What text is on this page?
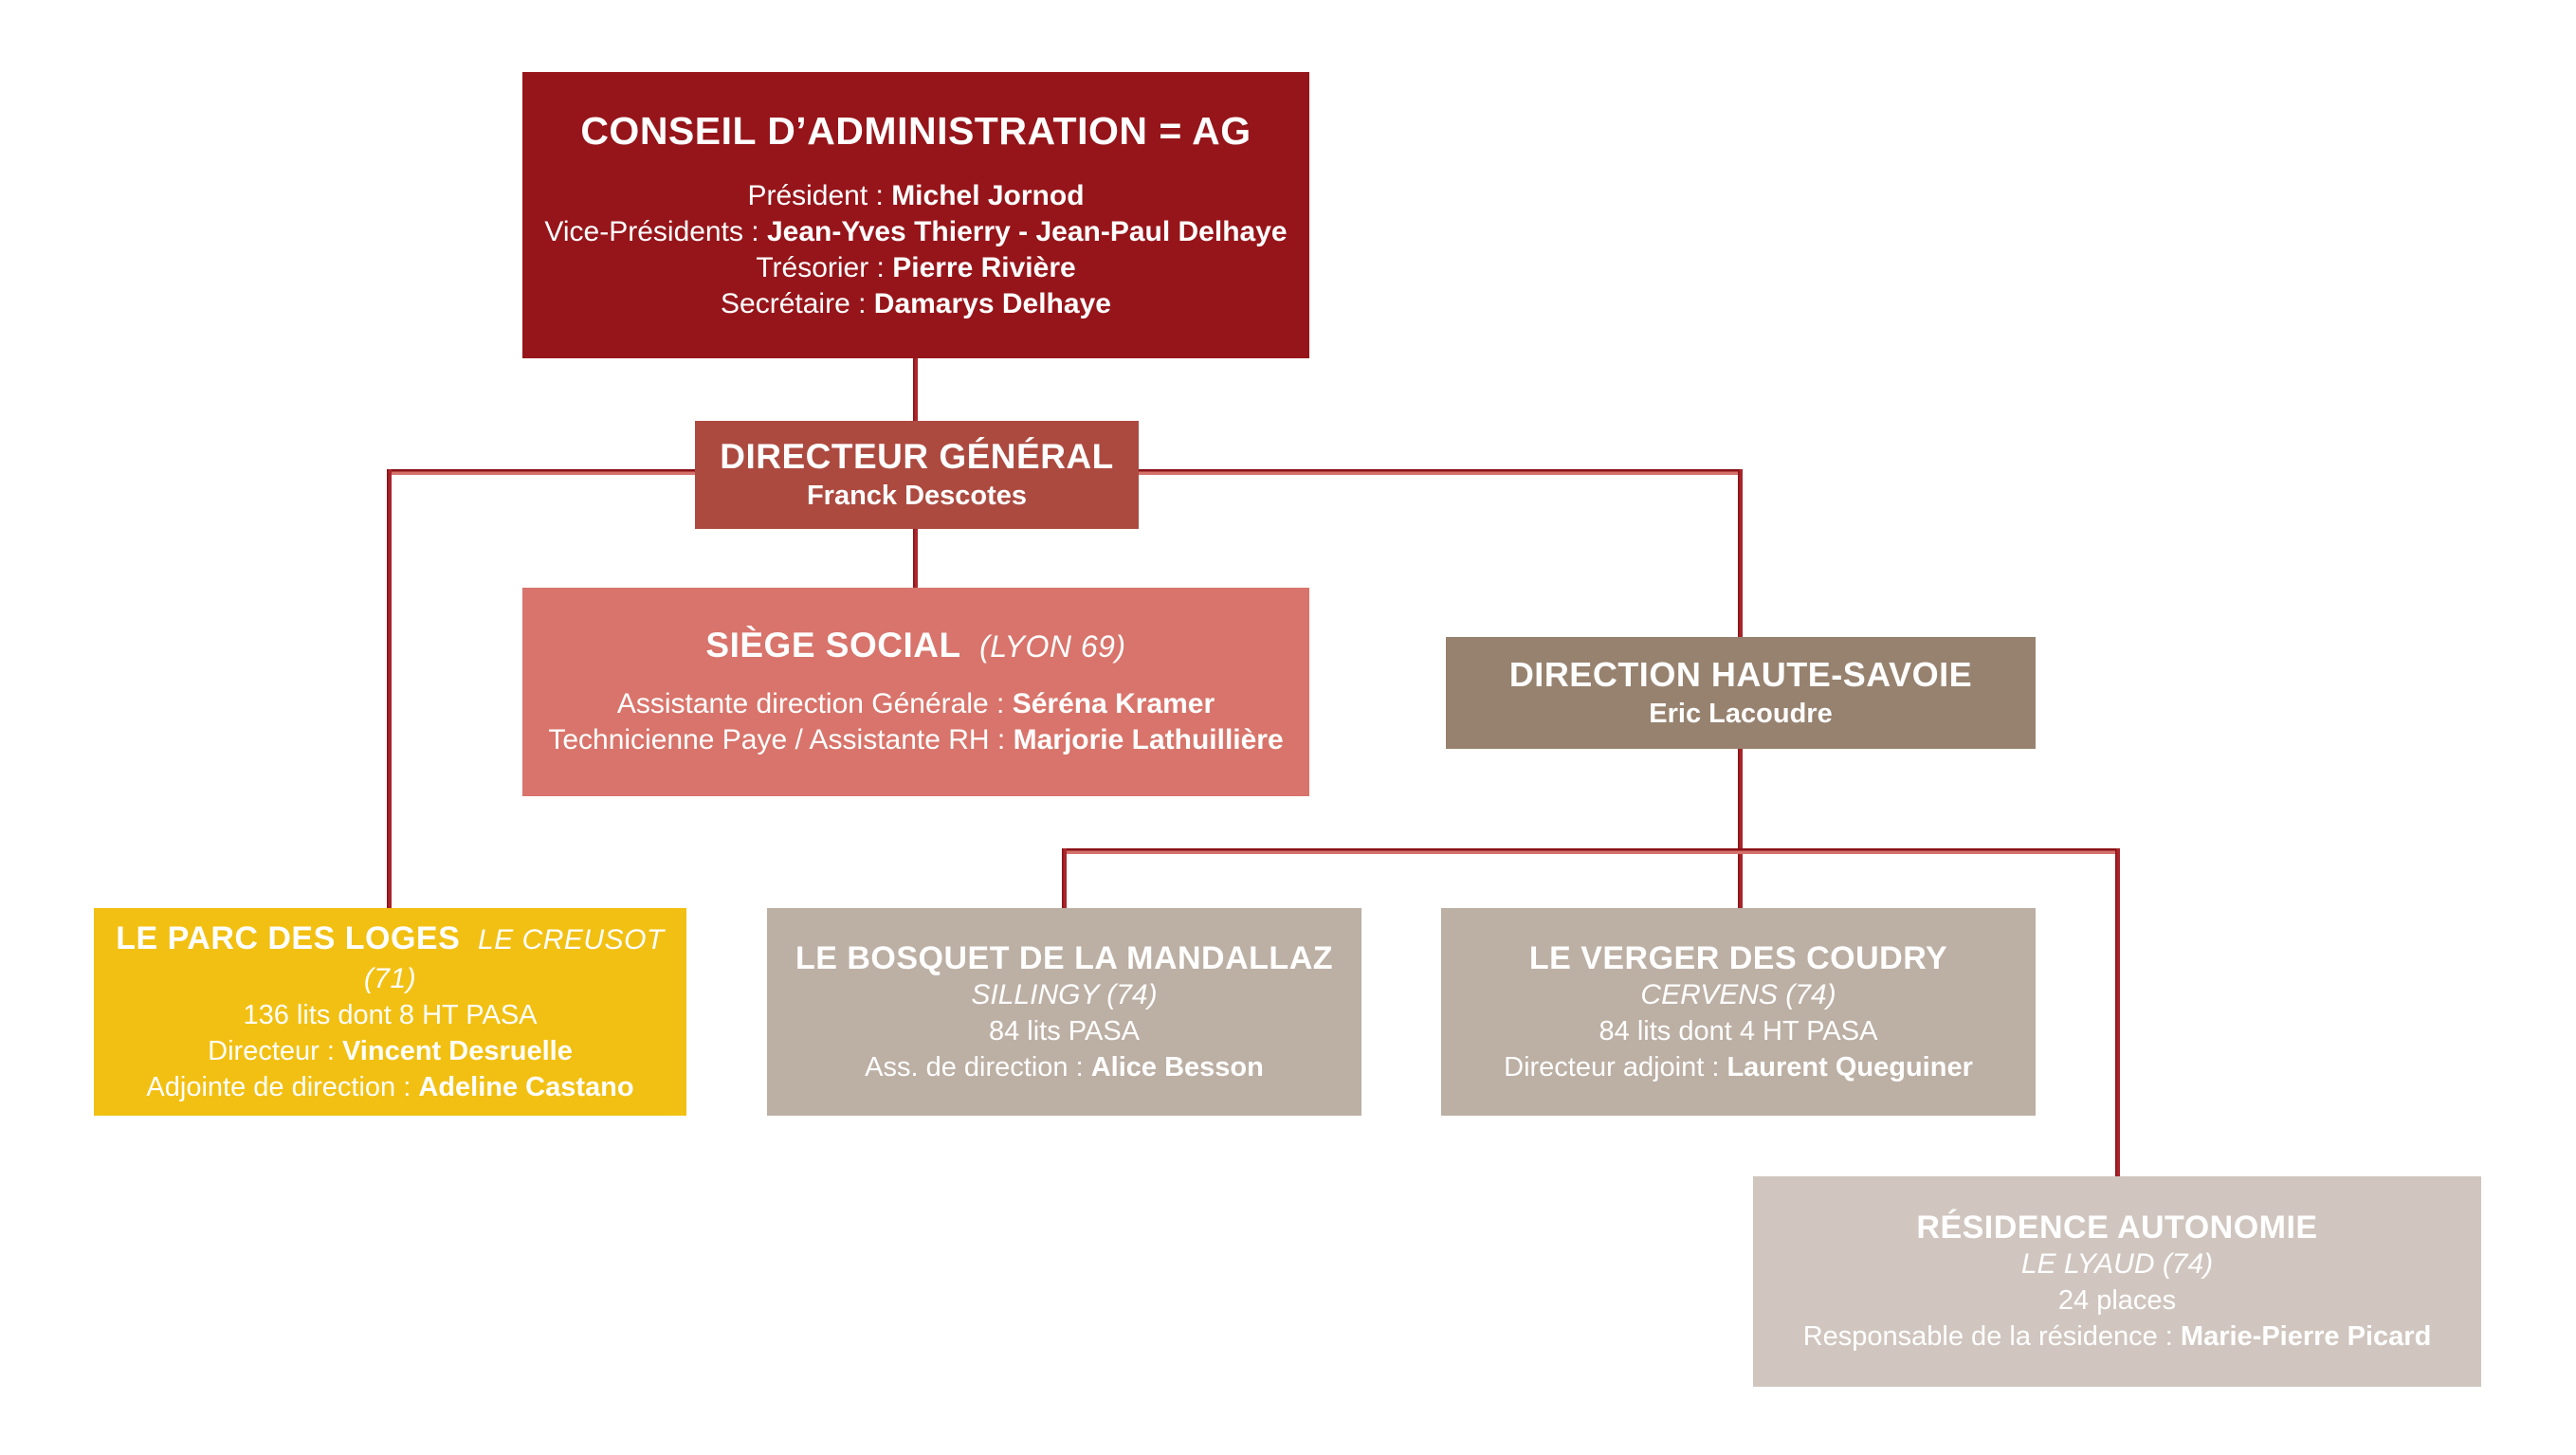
CONSEIL D’ADMINISTRATION = AG
Président : Michel Jornod
Vice-Présidents : Jean-Yves Thierry - Jean-Paul Delhaye
Trésorier : Pierre Rivière
Secrétaire : Damarys Delhaye
DIRECTEUR GÉNÉRAL
Franck Descotes
SIÈGE SOCIAL (LYON 69)
Assistante direction Générale : Séréna Kramer
Technicienne Paye / Assistante RH : Marjorie Lathuillière
DIRECTION HAUTE-SAVOIE
Eric Lacoudre
LE PARC DES LOGES LE CREUSOT (71)
136 lits dont 8 HT PASA
Directeur : Vincent Desruelle
Adjointe de direction : Adeline Castano
LE BOSQUET DE LA MANDALLAZ
SILLINGY (74)
84 lits PASA
Ass. de direction : Alice Besson
LE VERGER DES COUDRY
CERVENS (74)
84 lits dont 4 HT PASA
Directeur adjoint : Laurent Queguiner
RÉSIDENCE AUTONOMIE
LE LYAUD (74)
24 places
Responsable de la résidence : Marie-Pierre Picard
